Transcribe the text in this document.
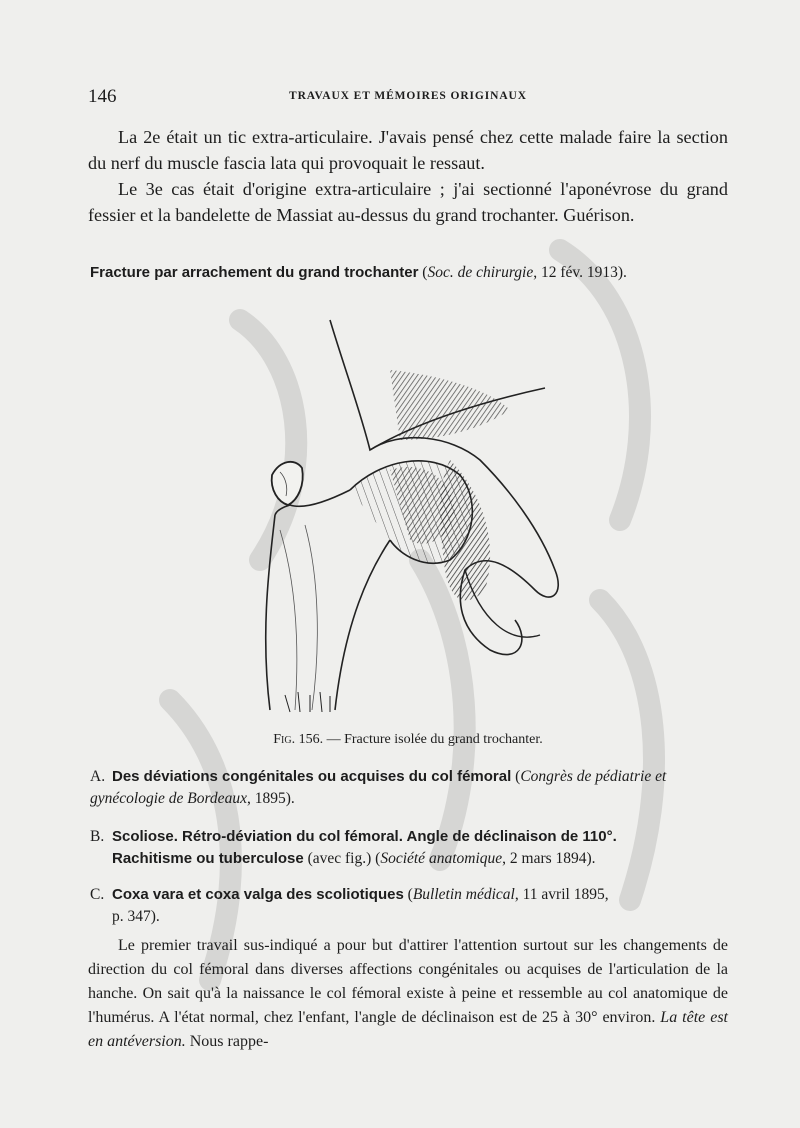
146	TRAVAUX ET MÉMOIRES ORIGINAUX

La 2e était un tic extra-articulaire. J'avais pensé chez cette malade faire la section du nerf du muscle fascia lata qui provoquait le ressaut.

Le 3e cas était d'origine extra-articulaire ; j'ai sectionné l'aponévrose du grand fessier et la bandelette de Massiat au-dessus du grand trochanter. Guérison.

Fracture par arrachement du grand trochanter (Soc. de chirurgie, 12 fév. 1913).
Fig. 156. — Fracture isolée du grand trochanter.
A. Des déviations congénitales ou acquises du col fémoral (Congrès de pédiatrie et gynécologie de Bordeaux, 1895).
B. Scoliose. Rétro-déviation du col fémoral. Angle de déclinaison de 110°.
Rachitisme ou tuberculose (avec fig.) (Société anatomique, 2 mars 1894).
C. Coxa vara et coxa valga des scoliotiques (Bulletin médical, 11 avril 1895,
p. 347).

Le premier travail sus-indiqué a pour but d'attirer l'attention surtout sur les changements de direction du col fémoral dans diverses affections congénitales ou acquises de l'articulation de la hanche. On sait qu'à la naissance le col fémoral existe à peine et ressemble au col anatomique de l'humérus. A l'état normal, chez l'enfant, l'angle de déclinaison est de 25 à 30° environ. La tête est en antéversion. Nous rappe-
